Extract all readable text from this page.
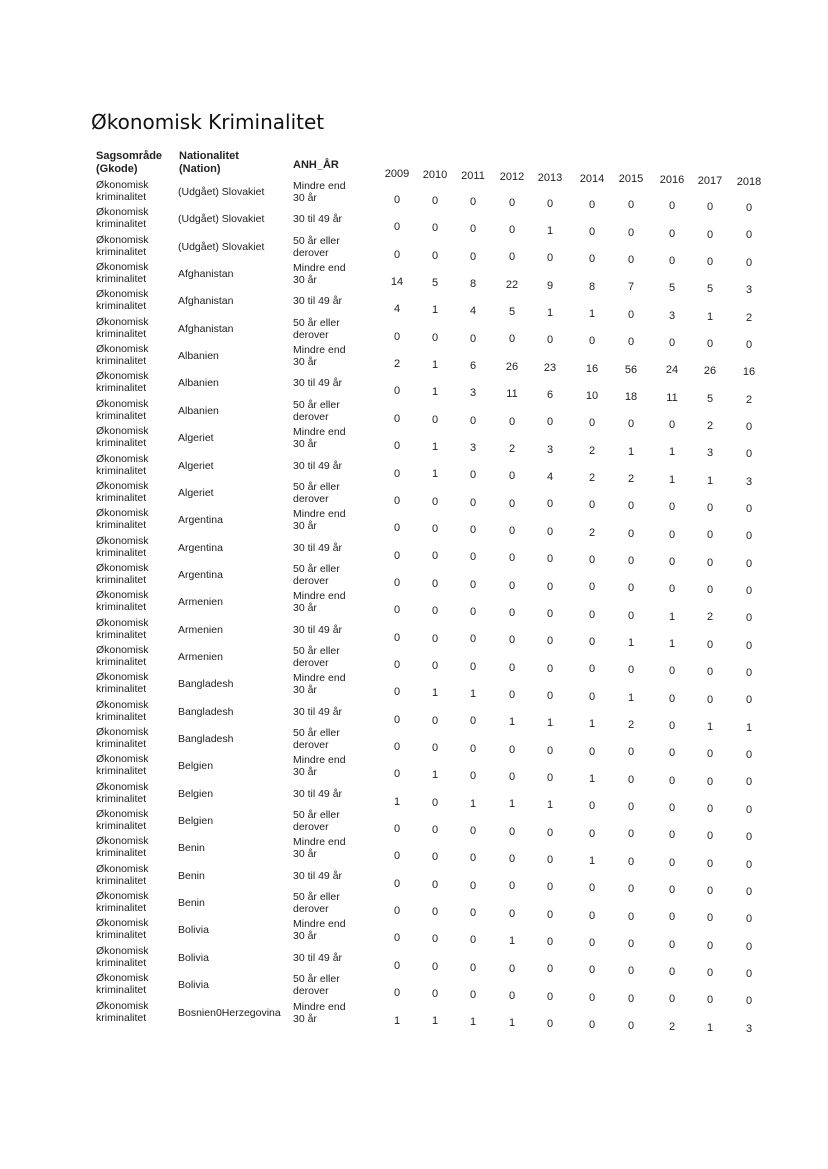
Økonomisk Kriminalitet
Sagsområde
(Gkode)
Nationalitet
(Nation)	ANH_ÅR
2009	2010	2011	2012	2013	2014	2015	2016	2017	2018
Økonomisk
kriminalitet	(Udgået) Slovakiet	Mindre end
30 år	0	0	0	0	0	0	0	0	0	0
Økonomisk
kriminalitet	(Udgået) Slovakiet	30 til 49 år
0	0	0	0	1	0	0	0	0	0
Økonomisk
kriminalitet	(Udgået) Slovakiet	50 år eller
derover	0	0	0	0	0	0	0	0	0	0
Økonomisk
kriminalitet	Afghanistan	Mindre end
30 år	14	5	8	22	9	8	7	5	5	3
Økonomisk
kriminalitet	Afghanistan	30 til 49 år
4	1	4	5	1	1	0	3	1	2
Økonomisk
kriminalitet	Afghanistan	50 år eller
derover	0	0	0	0	0	0	0	0	0	0
Økonomisk
kriminalitet	Albanien	Mindre end
30 år	2	1	6	26	23	16	56	24	26	16
Økonomisk
kriminalitet	Albanien	30 til 49 år
0	1	3	11	6	10	18	11	5	2
Økonomisk
kriminalitet	Albanien	50 år eller
derover	0	0	0	0	0	0	0	0	2	0
Økonomisk
kriminalitet	Algeriet	Mindre end
30 år	0	1	3	2	3	2	1	1	3	0
Økonomisk
kriminalitet	Algeriet	30 til 49 år
0	1	0	0	4	2	2	1	1	3
Økonomisk
kriminalitet	Algeriet	50 år eller
derover	0	0	0	0	0	0	0	0	0	0
Økonomisk
kriminalitet	Argentina	Mindre end
30 år	0	0	0	0	0	2	0	0	0	0
Økonomisk
kriminalitet	Argentina	30 til 49 år
0	0	0	0	0	0	0	0	0	0
Økonomisk
kriminalitet	Argentina	50 år eller
derover	0	0	0	0	0	0	0	0	0	0
Økonomisk
kriminalitet	Armenien	Mindre end
30 år	0	0	0	0	0	0	0	1	2	0
Økonomisk
kriminalitet	Armenien	30 til 49 år
0	0	0	0	0	0	1	1	0	0
Økonomisk
kriminalitet	Armenien	50 år eller
derover	0	0	0	0	0	0	0	0	0	0
Økonomisk
kriminalitet	Bangladesh	Mindre end
30 år	0	1	1	0	0	0	1	0	0	0
Økonomisk
kriminalitet	Bangladesh	30 til 49 år
0	0	0	1	1	1	2	0	1	1
Økonomisk
kriminalitet	Bangladesh	50 år eller
derover	0	0	0	0	0	0	0	0	0	0
Økonomisk
kriminalitet	Belgien	Mindre end
30 år	0	1	0	0	0	1	0	0	0	0
Økonomisk
kriminalitet	Belgien	30 til 49 år
1	0	1	1	1	0	0	0	0	0
Økonomisk
kriminalitet	Belgien	50 år eller
derover	0	0	0	0	0	0	0	0	0	0
Økonomisk
kriminalitet	Benin	Mindre end
30 år	0	0	0	0	0	1	0	0	0	0
Økonomisk
kriminalitet	Benin	30 til 49 år
0	0	0	0	0	0	0	0	0	0
Økonomisk
kriminalitet	Benin	50 år eller
derover	0	0	0	0	0	0	0	0	0	0
Økonomisk
kriminalitet	Bolivia	Mindre end
30 år	0	0	0	1	0	0	0	0	0	0
Økonomisk
kriminalitet	Bolivia	30 til 49 år
0	0	0	0	0	0	0	0	0	0
Økonomisk
kriminalitet	Bolivia	50 år eller
derover	0	0	0	0	0	0	0	0	0	0
Økonomisk
kriminalitet	Bosnien0Herzegovina Mindre end
30 år	1	1	1	1	0	0	0	2	1	3
